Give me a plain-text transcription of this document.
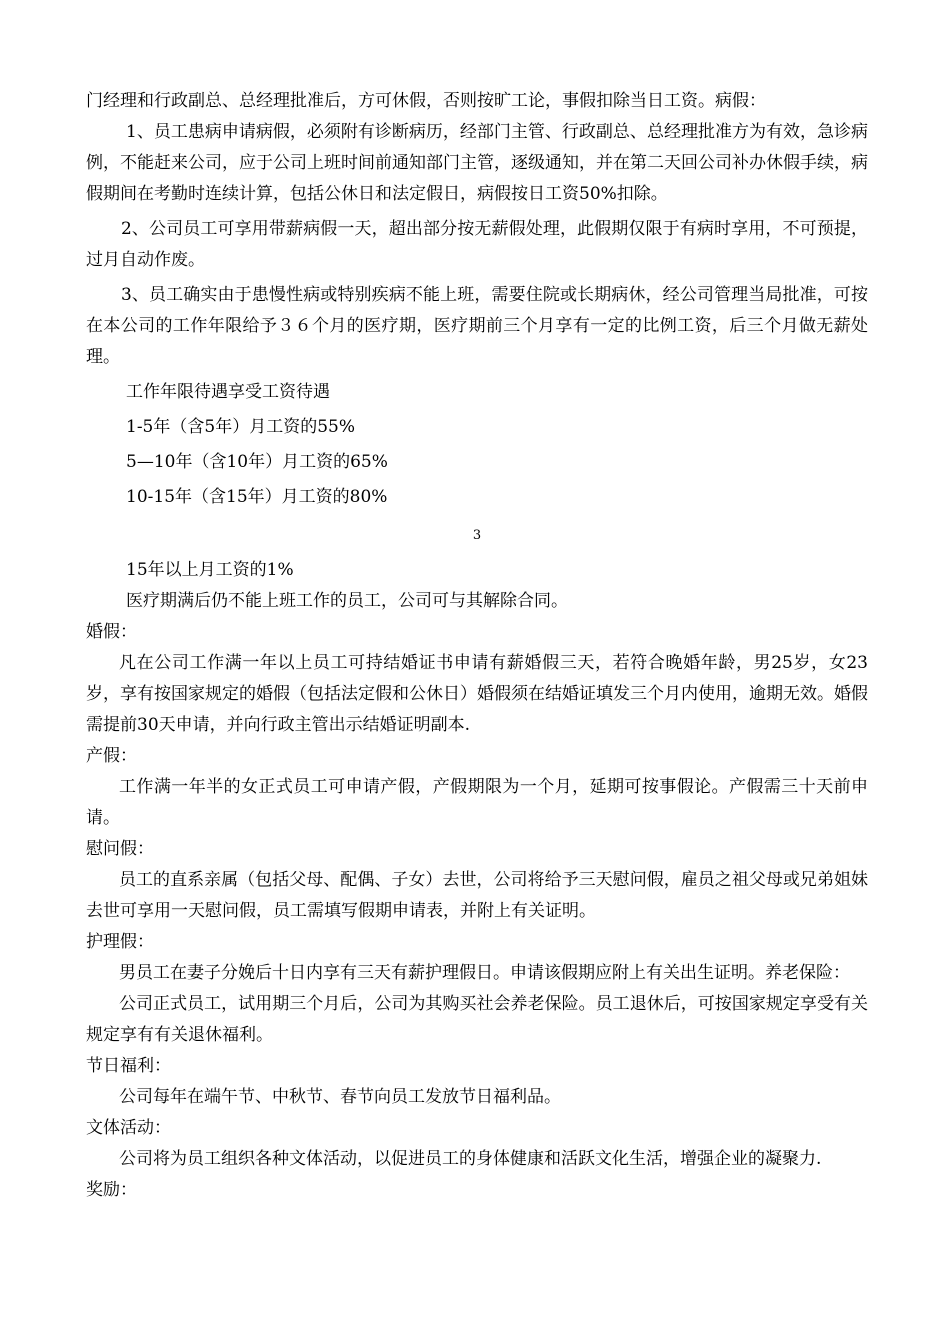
门经理和行政副总、总经理批准后，方可休假，否则按旷工论，事假扣除当日工资。病假：
1、员工患病申请病假，必须附有诊断病历，经部门主管、行政副总、总经理批准方为有效，急诊病例，不能赶来公司，应于公司上班时间前通知部门主管，逐级通知，并在第二天回公司补办休假手续，病假期间在考勤时连续计算，包括公休日和法定假日，病假按日工资50%扣除。
2、公司员工可享用带薪病假一天，超出部分按无薪假处理，此假期仅限于有病时享用，不可预提，过月自动作废。
3、员工确实由于患慢性病或特别疾病不能上班，需要住院或长期病休，经公司管理当局批准，可按在本公司的工作年限给予３６个月的医疗期，医疗期前三个月享有一定的比例工资，后三个月做无薪处理。
工作年限待遇享受工资待遇
1-5年（含5年）月工资的55%
5—10年（含10年）月工资的65%
10-15年（含15年）月工资的80%
3
15年以上月工资的1%
医疗期满后仍不能上班工作的员工，公司可与其解除合同。
婚假：
凡在公司工作满一年以上员工可持结婚证书申请有薪婚假三天，若符合晚婚年龄，男25岁，女23岁，享有按国家规定的婚假（包括法定假和公休日）婚假须在结婚证填发三个月内使用，逾期无效。婚假需提前30天申请，并向行政主管出示结婚证明副本.
产假：
工作满一年半的女正式员工可申请产假，产假期限为一个月，延期可按事假论。产假需三十天前申请。
慰问假：
员工的直系亲属（包括父母、配偶、子女）去世，公司将给予三天慰问假，雇员之祖父母或兄弟姐妹去世可享用一天慰问假，员工需填写假期申请表，并附上有关证明。
护理假：
男员工在妻子分娩后十日内享有三天有薪护理假日。申请该假期应附上有关出生证明。养老保险：
公司正式员工，试用期三个月后，公司为其购买社会养老保险。员工退休后，可按国家规定享受有关规定享有有关退休福利。
节日福利：
公司每年在端午节、中秋节、春节向员工发放节日福利品。
文体活动：
公司将为员工组织各种文体活动，以促进员工的身体健康和活跃文化生活，增强企业的凝聚力.
奖励：
